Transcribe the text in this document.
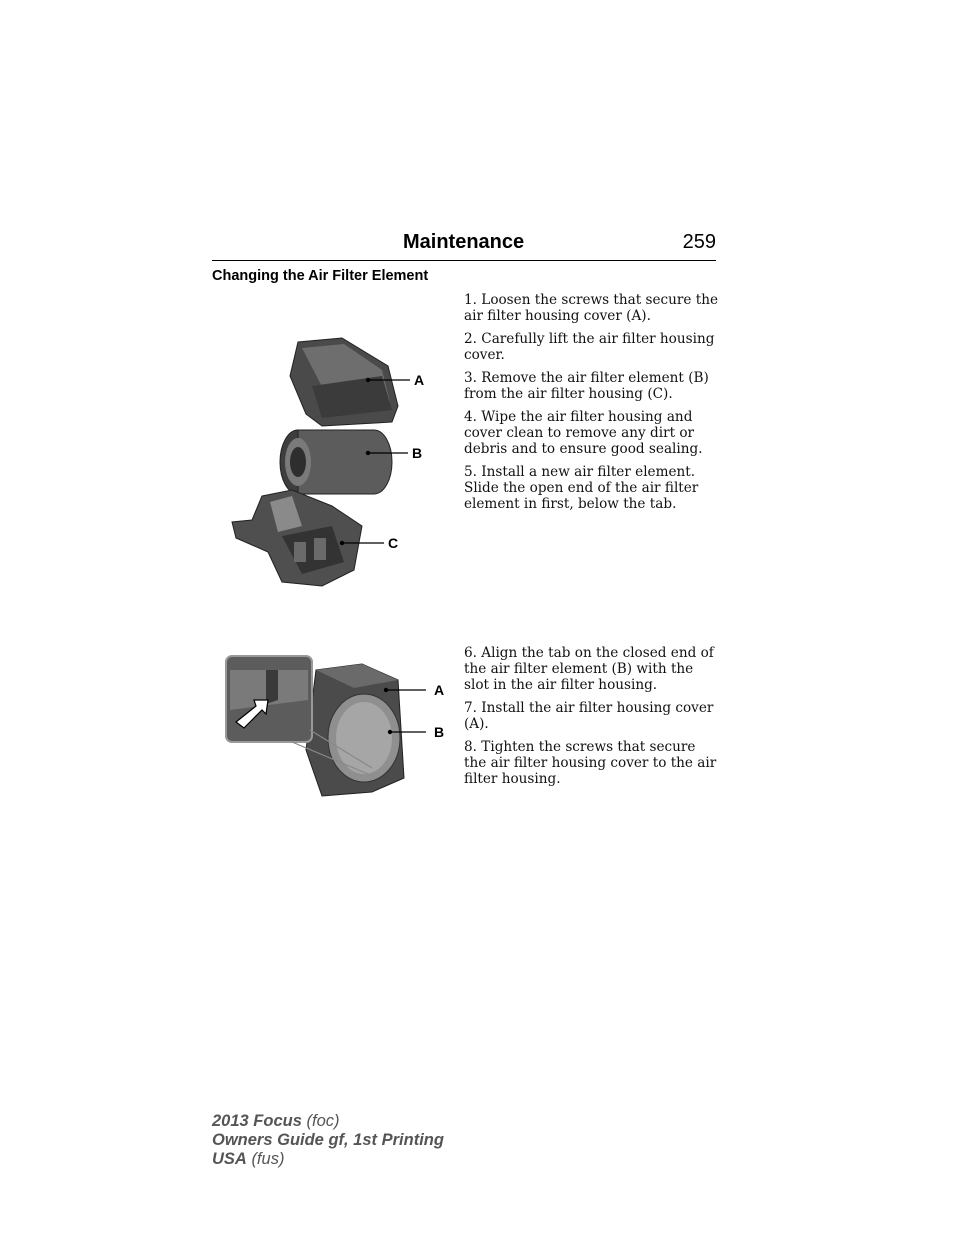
Maintenance	259
Changing the Air Filter Element
A
B
C

1. Loosen the screws that secure the air filter housing cover (A).

2. Carefully lift the air filter housing cover.

3. Remove the air filter element (B) from the air filter housing (C).

4. Wipe the air filter housing and cover clean to remove any dirt or debris and to ensure good sealing.

5. Install a new air filter element. Slide the open end of the air filter element in first, below the tab.

A
B

6. Align the tab on the closed end of the air filter element (B) with the slot in the air filter housing.

7. Install the air filter housing cover (A).

8. Tighten the screws that secure the air filter housing cover to the air filter housing.

2013 Focus (foc)
Owners Guide gf, 1st Printing
USA (fus)
